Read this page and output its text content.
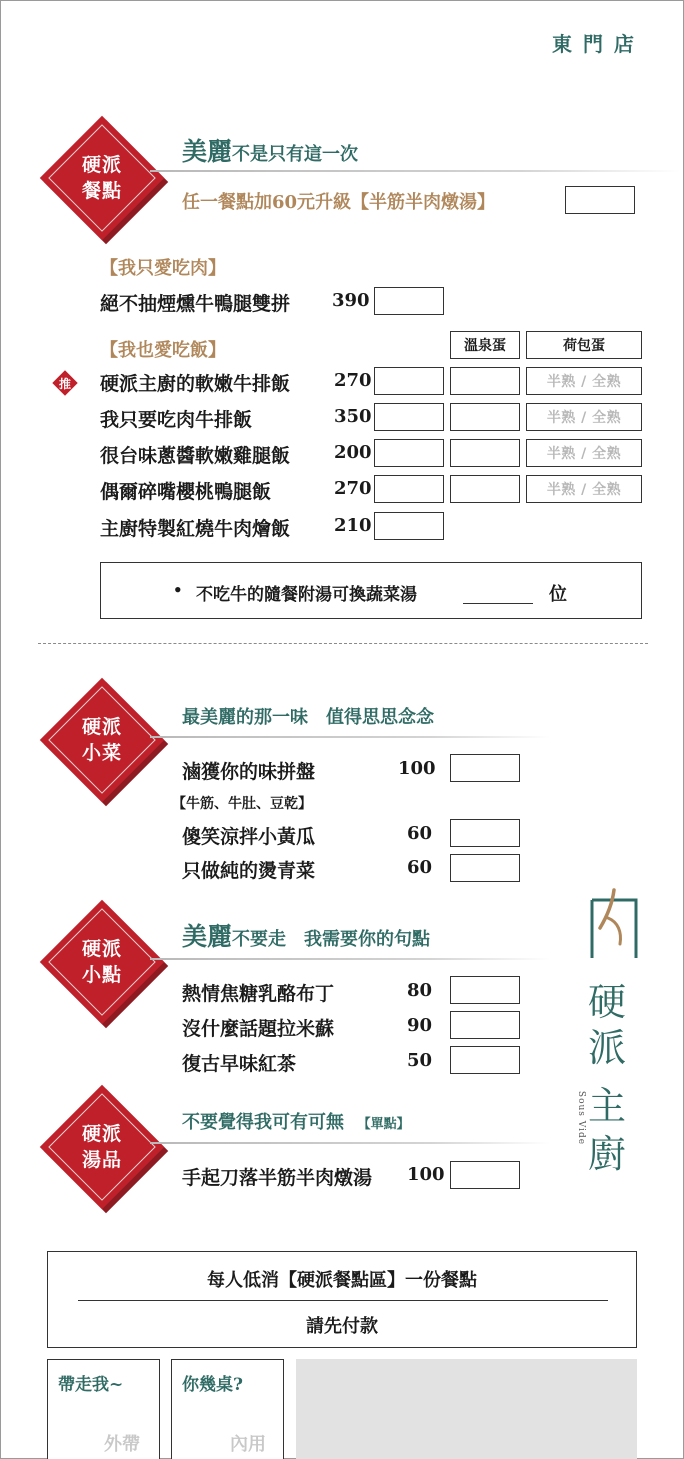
東 門 店
硬派
餐點
美麗不是只有這一次
任一餐點加60元升級【半筋半肉燉湯】
【我只愛吃肉】
絕不抽煙燻牛鴨腿雙拼 390
【我也愛吃飯】	溫泉蛋	荷包蛋
推	硬派主廚的軟嫩牛排飯 270	半熟 / 全熟
我只要吃肉牛排飯	350	半熟 / 全熟
很台味蔥醬軟嫩雞腿飯 200	半熟 / 全熟
偶爾碎嘴櫻桃鴨腿飯	270	半熟 / 全熟
主廚特製紅燒牛肉燴飯 210
• 不吃牛的隨餐附湯可換蔬菜湯	位
硬派
小菜
最美麗的那一味　值得思思念念
滷獲你的味拼盤	100
【牛筋、牛肚、豆乾】
傻笑涼拌小黃瓜	60
只做純的燙青菜	60
硬派
小點
美麗不要走　我需要你的句點
熱情焦糖乳酪布丁	80
沒什麼話題拉米蘇	90
復古早味紅茶	50
硬派
湯品
不要覺得我可有可無 【單點】
手起刀落半筋半肉燉湯 100
硬
派
主
廚
Sous Vide
每人低消【硬派餐點區】一份餐點
請先付款
帶走我~
外帶
你幾桌?
內用
